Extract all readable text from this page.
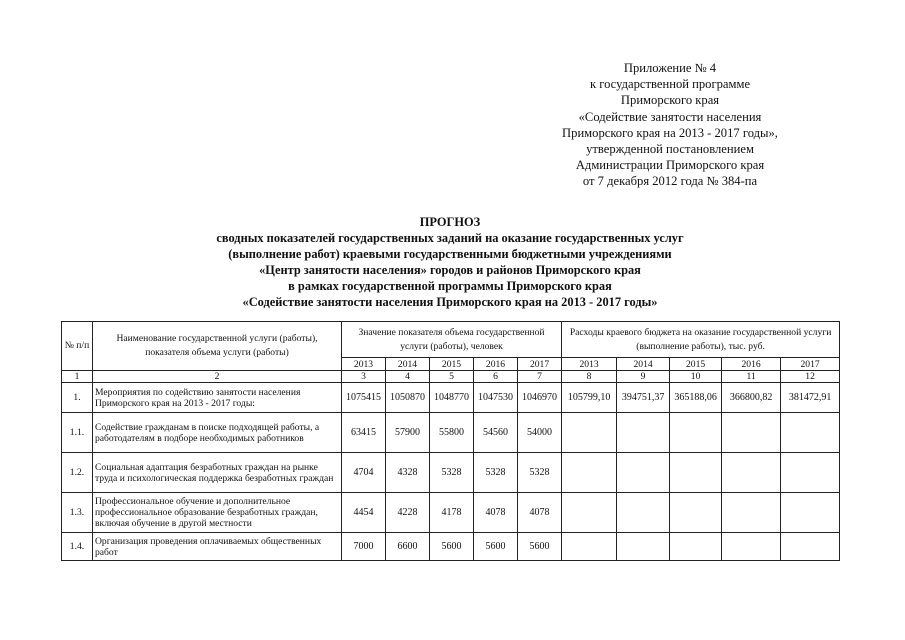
Приложение № 4
к государственной программе
Приморского края
«Содействие занятости населения
Приморского края на 2013 - 2017 годы»,
утвержденной постановлением
Администрации Приморского края
от 7 декабря 2012 года № 384-па
ПРОГНОЗ
сводных показателей государственных заданий на оказание государственных услуг
(выполнение работ) краевыми государственными бюджетными учреждениями
«Центр занятости населения» городов и районов Приморского края
в рамках государственной программы Приморского края
«Содействие занятости населения Приморского края на 2013 - 2017 годы»
№ п/п	Наименование государственной услуги (работы), показателя объема услуги (работы)	Значение показателя объема государственной услуги (работы), человек					Расходы краевого бюджета на оказание государственной услуги (выполнение работы), тыс. руб.				
		2013	2014	2015	2016	2017	2013	2014	2015	2016	2017
1	2	3	4	5	6	7	8	9	10	11	12
1.	Мероприятия по содействию занятости населения Приморского края на 2013 - 2017 годы:	1075415	1050870	1048770	1047530	1046970	105799,10	394751,37	365188,06	366800,82	381472,91
1.1.	Содействие гражданам в поиске подходящей работы, а работодателям в подборе необходимых работников	63415	57900	55800	54560	54000					
1.2.	Социальная адаптация безработных граждан на рынке труда и психологическая поддержка безработных граждан	4704	4328	5328	5328	5328					
1.3.	Профессиональное обучение и дополнительное профессиональное образование безработных граждан, включая обучение в другой местности	4454	4228	4178	4078	4078					
1.4.	Организация проведения оплачиваемых общественных работ	7000	6600	5600	5600	5600					
